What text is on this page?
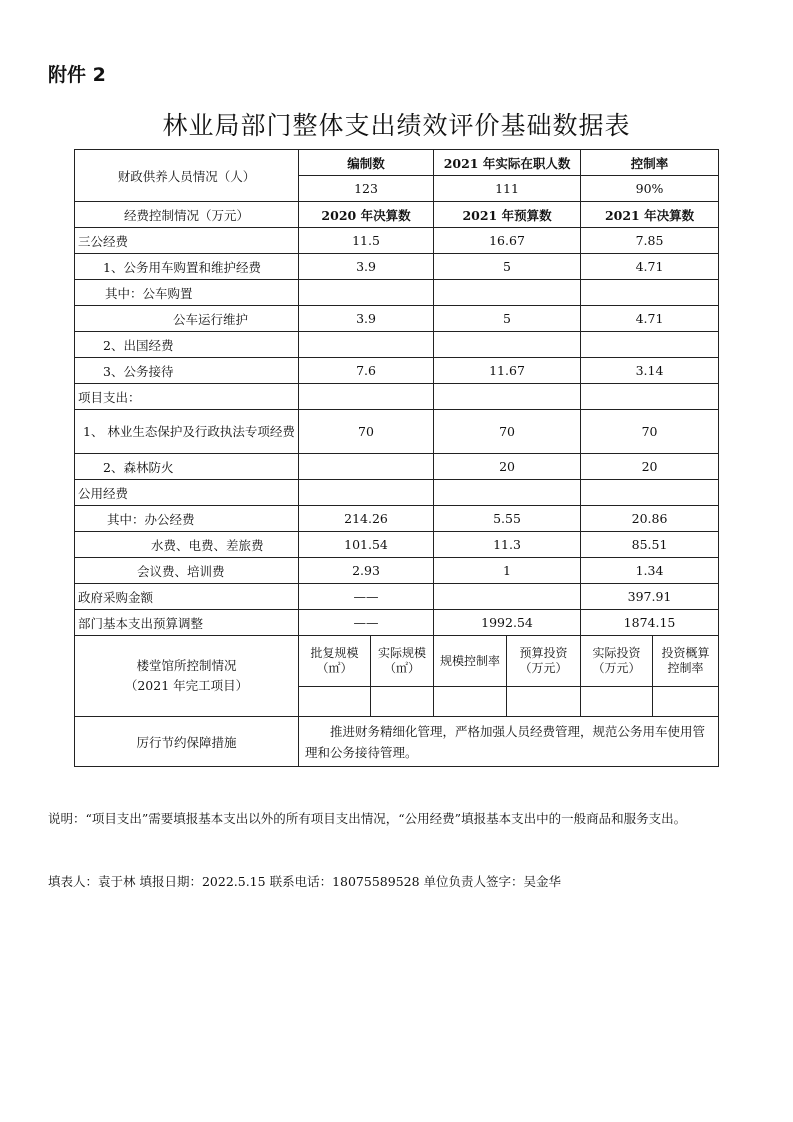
附件 2
林业局部门整体支出绩效评价基础数据表
财政供养人员情况（人）	编制数		2021 年实际在职人数		控制率	
	123		111		90%	
经费控制情况（万元）	2020 年决算数		2021 年预算数		2021 年决算数	
三公经费	11.5		16.67		7.85	
1、公务用车购置和维护经费	3.9		5		4.71	
其中：公车购置						
公车运行维护	3.9		5		4.71	
2、出国经费						
3、公务接待	7.6		11.67		3.14	
项目支出：						
1、 林业生态保护及行政执法专项经费	70		70		70	
2、森林防火			20		20	
公用经费						
其中：办公经费	214.26		5.55		20.86	
水费、电费、差旅费	101.54		11.3		85.51	
会议费、培训费	2.93		1		1.34	
政府采购金额	——				397.91	
部门基本支出预算调整	——		1992.54		1874.15	

楼堂馆所控制情况
（2021 年完工项目）	批复规模（㎡）	实际规模（㎡）	规模控制率	预算投资（万元）	实际投资（万元）	投资概算控制率

厉行节约保障措施	推进财务精细化管理，严格加强人员经费管理，规范公务用车使用管理和公务接待管理。					
说明：“项目支出”需要填报基本支出以外的所有项目支出情况，“公用经费”填报基本支出中的一般商品和服务支出。
填表人：袁于林 填报日期：2022.5.15 联系电话：18075589528 单位负责人签字：吴金华
